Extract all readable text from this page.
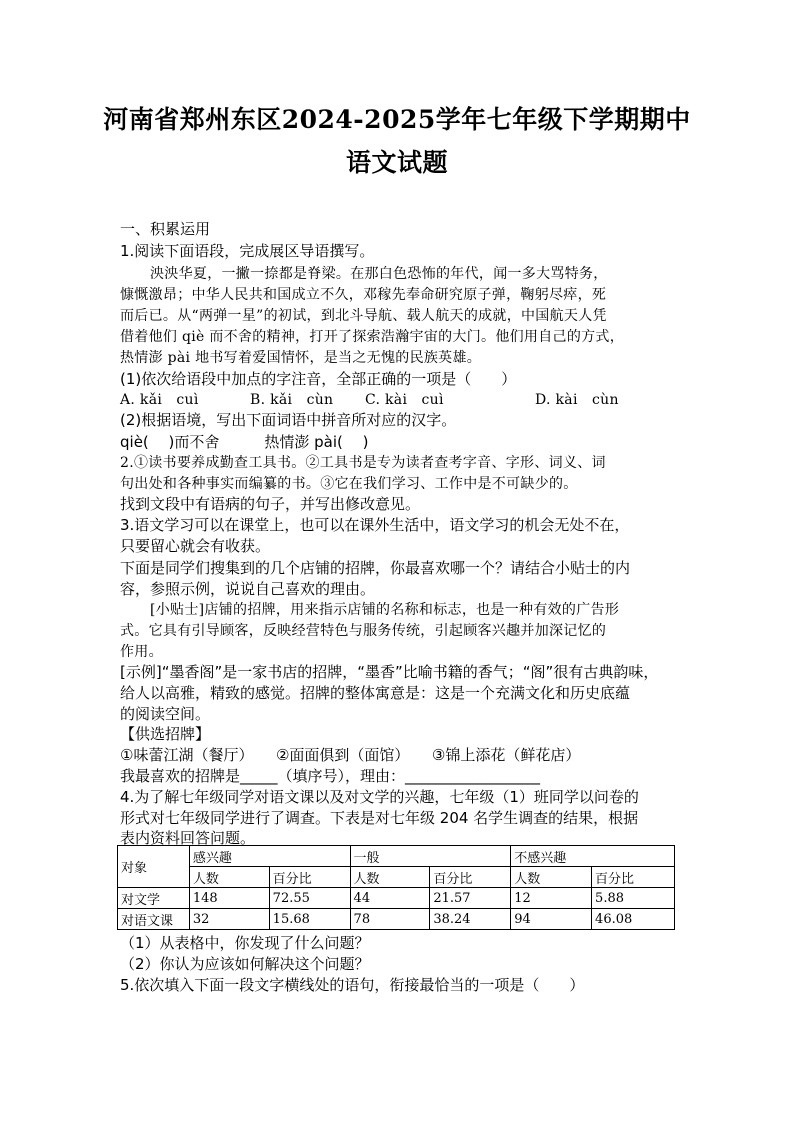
河南省郑州东区2024-2025学年七年级下学期期中
语文试题
一、积累运用
1.阅读下面语段，完成展区导语撰写。
泱泱华夏，一撇一捺都是脊梁。在那白色恐怖的年代，闻一多大骂特务，
慷慨激昂；中华人民共和国成立不久，邓稼先奉命研究原子弹，鞠躬尽瘁，死
而后已。从“两弹一星”的初试，到北斗导航、载人航天的成就，中国航天人凭
借着他们 qiè 而不舍的精神，打开了探索浩瀚宇宙的大门。他们用自己的方式，
热情澎 pài 地书写着爱国情怀，是当之无愧的民族英雄。
(1)依次给语段中加点的字注音，全部正确的一项是（　　）
A. kǎi　cuì	B. kǎi　cùn C. kài　cuì	D. kài　cùn
(2)根据语境，写出下面词语中拼音所对应的汉字。
qiè(　 )而不舍　　　热情澎 pài(　 )
2.①读书要养成勤查工具书。②工具书是专为读者查考字音、字形、词义、词
句出处和各种事实而编纂的书。③它在我们学习、工作中是不可缺少的。
找到文段中有语病的句子，并写出修改意见。
3.语文学习可以在课堂上，也可以在课外生活中，语文学习的机会无处不在，
只要留心就会有收获。
下面是同学们搜集到的几个店铺的招牌，你最喜欢哪一个？请结合小贴士的内
容，参照示例，说说自己喜欢的理由。
[小贴士]店铺的招牌，用来指示店铺的名称和标志，也是一种有效的广告形
式。它具有引导顾客，反映经营特色与服务传统，引起顾客兴趣并加深记忆的
作用。
[示例]“墨香阁”是一家书店的招牌，“墨香”比喻书籍的香气；“阁”很有古典韵味，
给人以高雅，精致的感觉。招牌的整体寓意是：这是一个充满文化和历史底蕴
的阅读空间。
【供选招牌】
①味蕾江湖（餐厅）　　②面面俱到（面馆）　　③锦上添花（鲜花店）
我最喜欢的招牌是_____（填序号），理由：__________________
4.为了解七年级同学对语文课以及对文学的兴趣，七年级（1）班同学以问卷的
形式对七年级同学进行了调查。下表是对七年级 204 名学生调查的结果，根据
表内资料回答问题。
对象	感兴趣		一般		不感兴趣	
	人数	百分比	人数	百分比	人数	百分比
对文学	148	72.55	44	21.57	12	5.88
对语文课	32	15.68	78	38.24	94	46.08
（1）从表格中，你发现了什么问题？
（2）你认为应该如何解决这个问题？
5.依次填入下面一段文字横线处的语句，衔接最恰当的一项是（　　）
